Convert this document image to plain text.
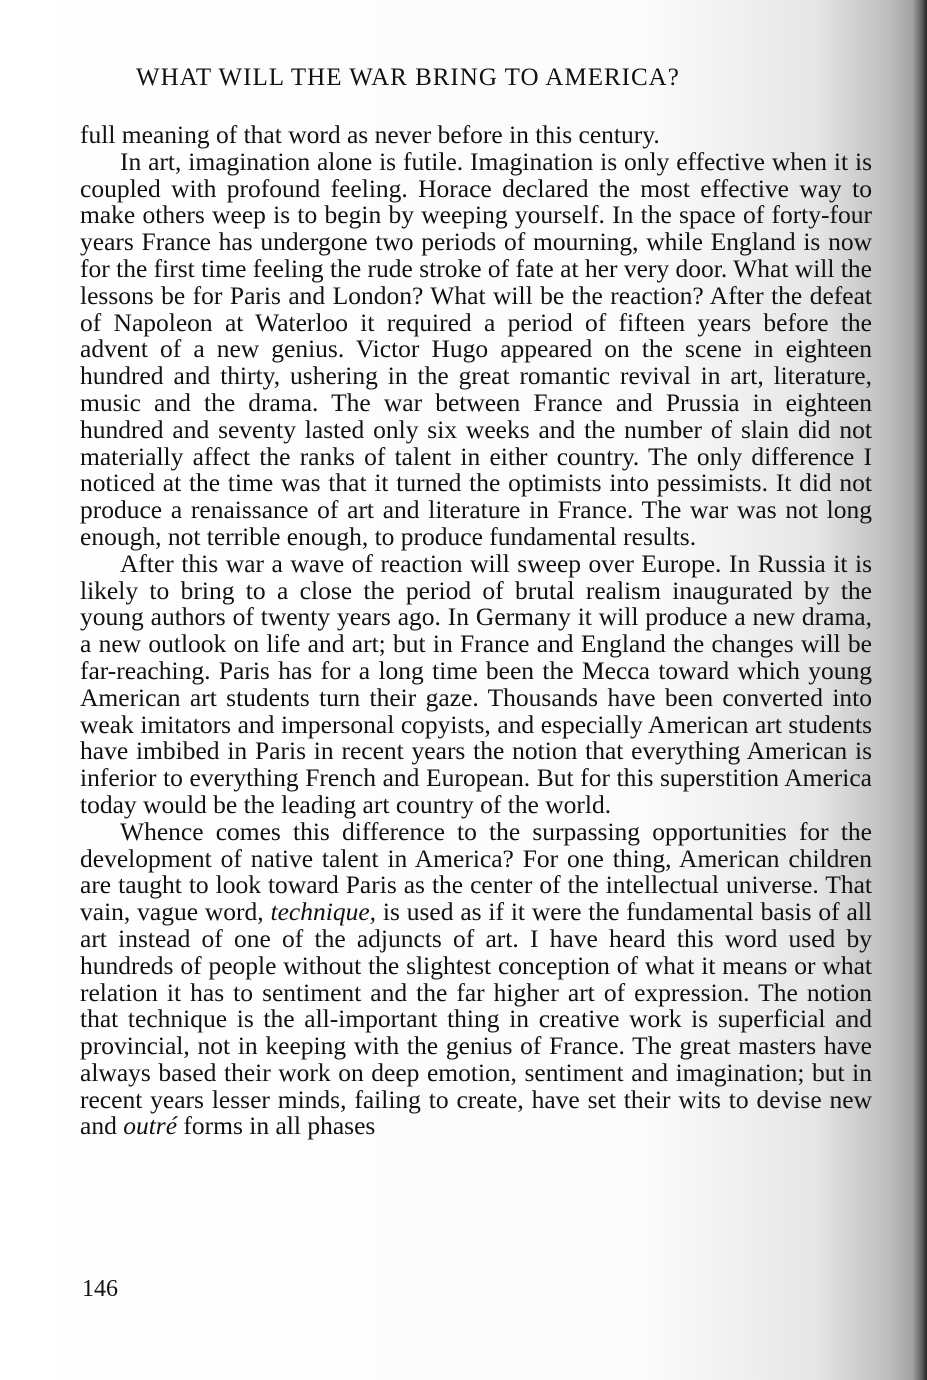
WHAT WILL THE WAR BRING TO AMERICA?

full meaning of that word as never before in this century.

In art, imagination alone is futile. Imagination is only effective when it is coupled with profound feeling. Horace declared the most effective way to make others weep is to begin by weeping yourself. In the space of forty-four years France has undergone two periods of mourning, while England is now for the first time feeling the rude stroke of fate at her very door. What will the lessons be for Paris and London? What will be the reaction? After the defeat of Napoleon at Waterloo it required a period of fifteen years before the advent of a new genius. Victor Hugo appeared on the scene in eighteen hundred and thirty, ushering in the great romantic revival in art, literature, music and the drama. The war between France and Prussia in eighteen hundred and seventy lasted only six weeks and the number of slain did not materially affect the ranks of talent in either country. The only difference I noticed at the time was that it turned the optimists into pessimists. It did not produce a renaissance of art and literature in France. The war was not long enough, not terrible enough, to produce fundamental results.

After this war a wave of reaction will sweep over Europe. In Russia it is likely to bring to a close the period of brutal realism inaugurated by the young authors of twenty years ago. In Germany it will produce a new drama, a new outlook on life and art; but in France and England the changes will be far-reaching. Paris has for a long time been the Mecca toward which young American art students turn their gaze. Thousands have been converted into weak imitators and impersonal copyists, and especially American art students have imbibed in Paris in recent years the notion that everything American is inferior to everything French and European. But for this superstition America today would be the leading art country of the world.

Whence comes this difference to the surpassing opportunities for the development of native talent in America? For one thing, American children are taught to look toward Paris as the center of the intellectual universe. That vain, vague word, technique, is used as if it were the fundamental basis of all art instead of one of the adjuncts of art. I have heard this word used by hundreds of people without the slightest conception of what it means or what relation it has to sentiment and the far higher art of expression. The notion that technique is the all-important thing in creative work is superficial and provincial, not in keeping with the genius of France. The great masters have always based their work on deep emotion, sentiment and imagination; but in recent years lesser minds, failing to create, have set their wits to devise new and outré forms in all phases

146
